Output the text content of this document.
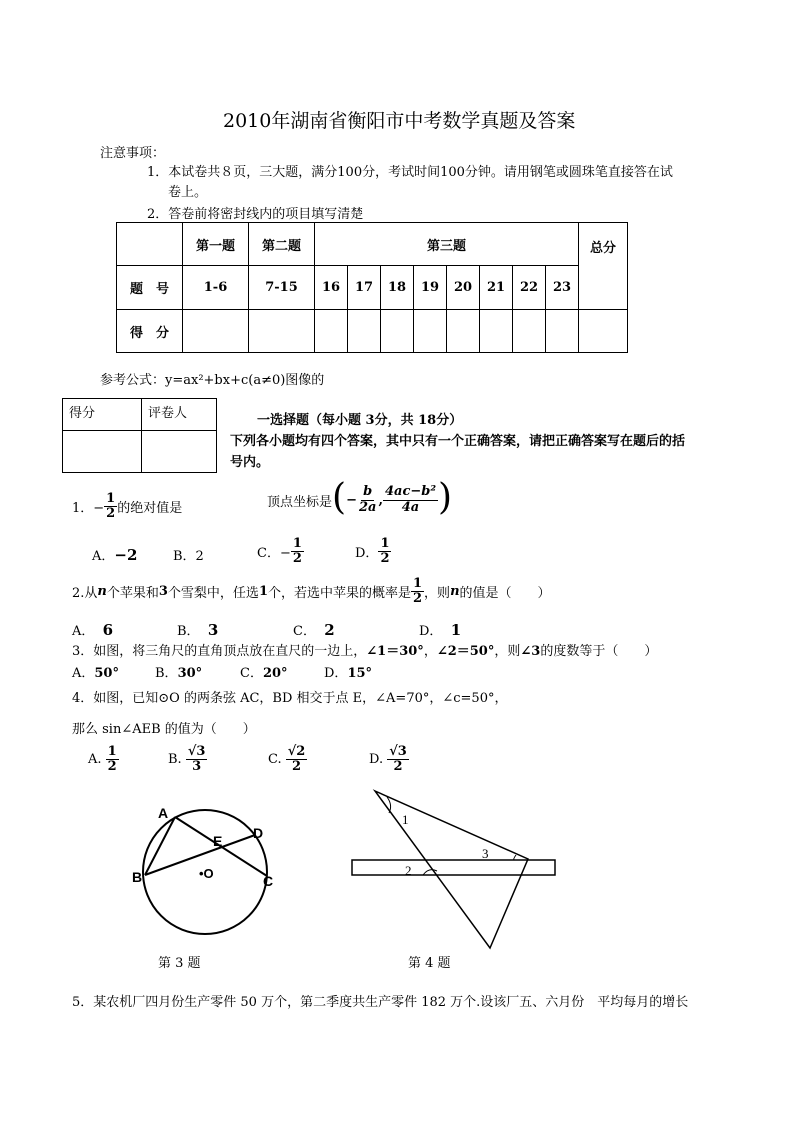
2010年湖南省衡阳市中考数学真题及答案
注意事项：
1．本试卷共８页，三大题，满分100分，考试时间100分钟。请用钢笔或圆珠笔直接答在试
卷上。
2．答卷前将密封线内的项目填写清楚
	第一题	第二题	第三题								总分
题　号	1-6	7-15	16	17	18	19	20	21	22	23	
得　分											
参考公式：y=ax²+bx+c(a≠0)图像的
得分	评卷人
		一选择题（每小题 3分，共 18分）
下列各小题均有四个答案，其中只有一个正确答案，请把正确答案写在题后的括
号内。
1．− $\frac{1}{2}$ 的绝对值是	顶点坐标是 ( − $\frac{b}{2a}$ , $\frac{\text{4ac−b²}}{4a}$ )
A．−2	B．2	C．− $\frac{1}{2}$	D． $\frac{1}{2}$
2.从 n 个苹果和 3 个雪梨中，任选 1 个，若选中苹果的概率是 $\frac{1}{2}$ ，则 n 的值是（　　）
A． 6	B． 3	C． 2	D． 1
3．如图，将三角尺的直角顶点放在直尺的一边上，∠1＝30°，∠2＝50°，则∠3的度数等于（　　）
A．50°	B．30°	C．20°	D．15°
4．如图，已知⊙O 的两条弦 AC，BD 相交于点 E，∠A=70°，∠c=50°，
那么 sin∠AEB 的值为（　　）
A.
$\frac{1}{2}$	B.
$\frac{√3}{3}$	C.
$\frac{√2}{2}$	D.
$\frac{√3}{2}$
A
B	C
D
E
•O
第 3 题
1
2
3
第 4 题
5．某农机厂四月份生产零件 50 万个，第二季度共生产零件 182 万个.设该厂五、六月份　平均每月的增长
